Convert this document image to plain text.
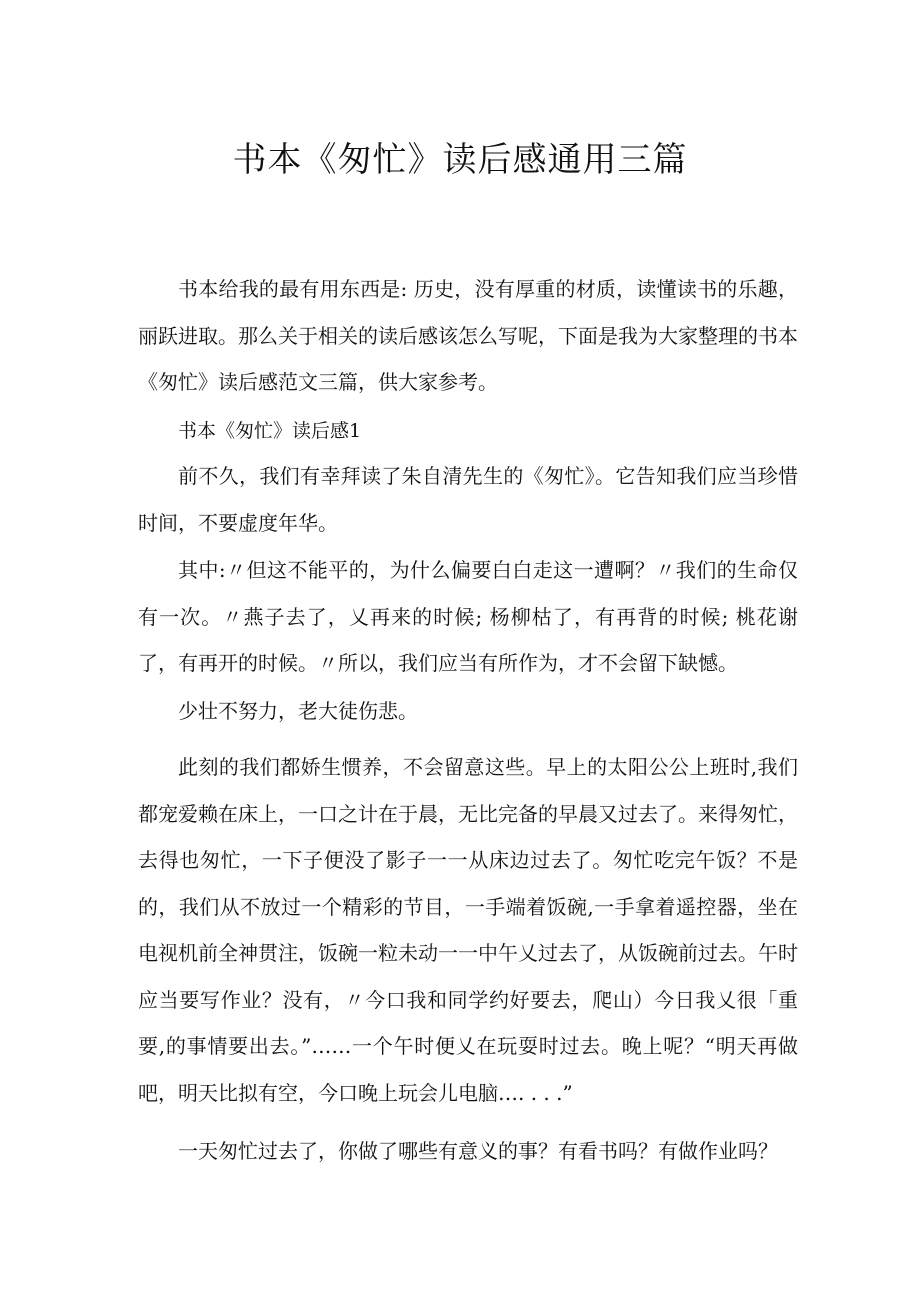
书本《匆忙》读后感通用三篇

书本给我的最有用东西是: 历史，没有厚重的材质，读懂读书的乐趣，丽跃进取。那么关于相关的读后感该怎么写呢，下面是我为大家整理的书本《匆忙》读后感范文三篇，供大家参考。

书本《匆忙》读后感1

前不久，我们有幸拜读了朱自清先生的《匆忙》。它告知我们应当珍惜时间，不要虚度年华。

其中:〃但这不能平的，为什么偏要白白走这一遭啊？〃我们的生命仅有一次。〃燕子去了，乂再来的时候; 杨柳枯了，有再背的时候; 桃花谢了，有再开的时候。〃所以，我们应当有所作为，才不会留下缺憾。

少壮不努力，老大徒伤悲。

此刻的我们都娇生惯养，不会留意这些。早上的太阳公公上班时,我们都宠爱赖在床上，一口之计在于晨，无比完备的早晨又过去了。来得匆忙，去得也匆忙，一下子便没了影子一一从床边过去了。匆忙吃完午饭？不是的，我们从不放过一个精彩的节目，一手端着饭碗,一手拿着遥控器，坐在电视机前全神贯注，饭碗一粒未动一一中午乂过去了，从饭碗前过去。午时应当要写作业？没有，〃今口我和同学约好要去，爬山）今日我乂很「重要,的事情要出去。”……一个午时便乂在玩耍时过去。晚上呢？“明天再做吧，明天比拟有空，今口晚上玩会儿电脑…. . . .”

一天匆忙过去了，你做了哪些有意义的事？有看书吗？有做作业吗？
